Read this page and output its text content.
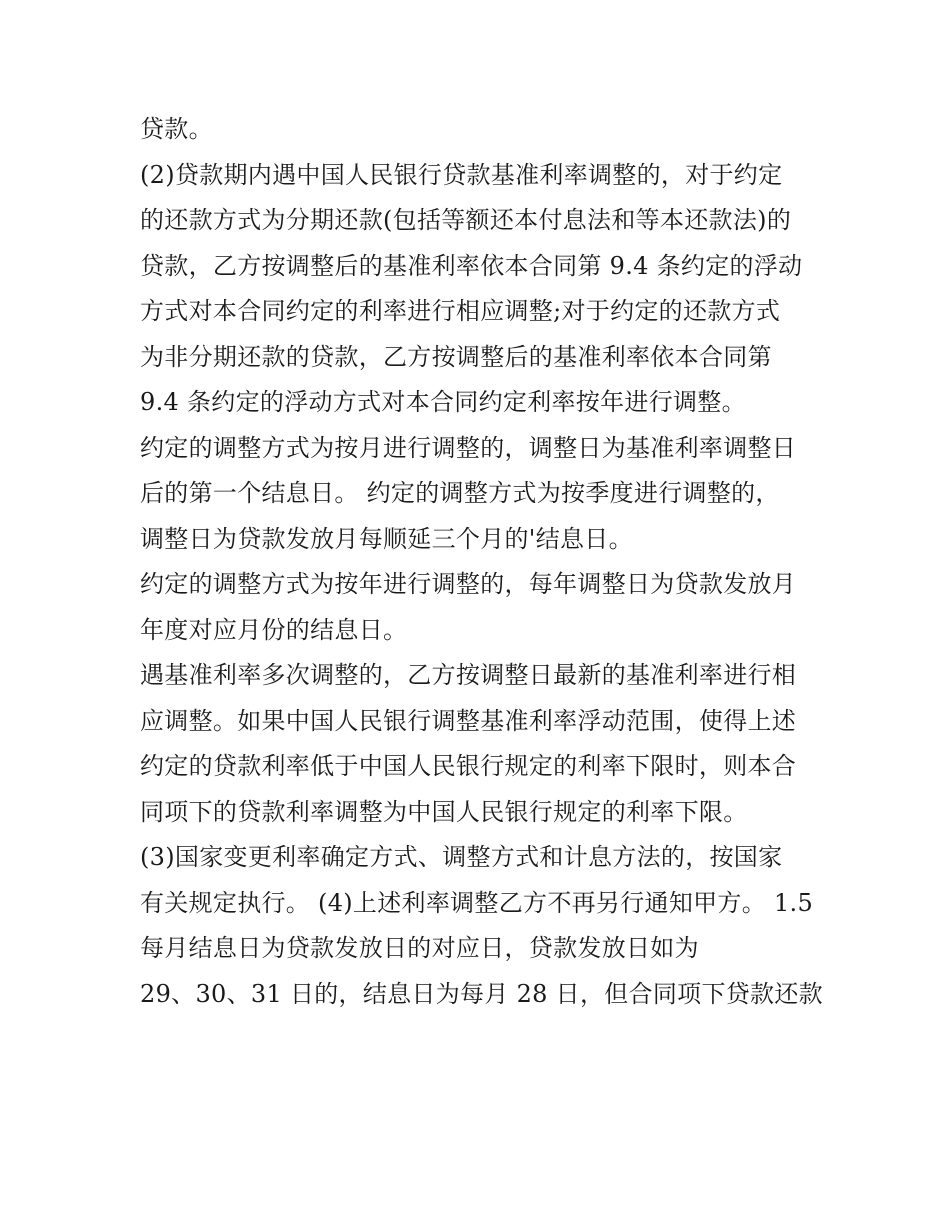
贷款。
(2)贷款期内遇中国人民银行贷款基准利率调整的，对于约定
的还款方式为分期还款(包括等额还本付息法和等本还款法)的
贷款，乙方按调整后的基准利率依本合同第 9.4 条约定的浮动
方式对本合同约定的利率进行相应调整;对于约定的还款方式
为非分期还款的贷款，乙方按调整后的基准利率依本合同第
9.4 条约定的浮动方式对本合同约定利率按年进行调整。
约定的调整方式为按月进行调整的，调整日为基准利率调整日
后的第一个结息日。 约定的调整方式为按季度进行调整的，
调整日为贷款发放月每顺延三个月的'结息日。
约定的调整方式为按年进行调整的，每年调整日为贷款发放月
年度对应月份的结息日。
遇基准利率多次调整的，乙方按调整日最新的基准利率进行相
应调整。如果中国人民银行调整基准利率浮动范围，使得上述
约定的贷款利率低于中国人民银行规定的利率下限时，则本合
同项下的贷款利率调整为中国人民银行规定的利率下限。
(3)国家变更利率确定方式、调整方式和计息方法的，按国家
有关规定执行。 (4)上述利率调整乙方不再另行通知甲方。 1.5
每月结息日为贷款发放日的对应日，贷款发放日如为
29、30、31 日的，结息日为每月 28 日，但合同项下贷款还款
